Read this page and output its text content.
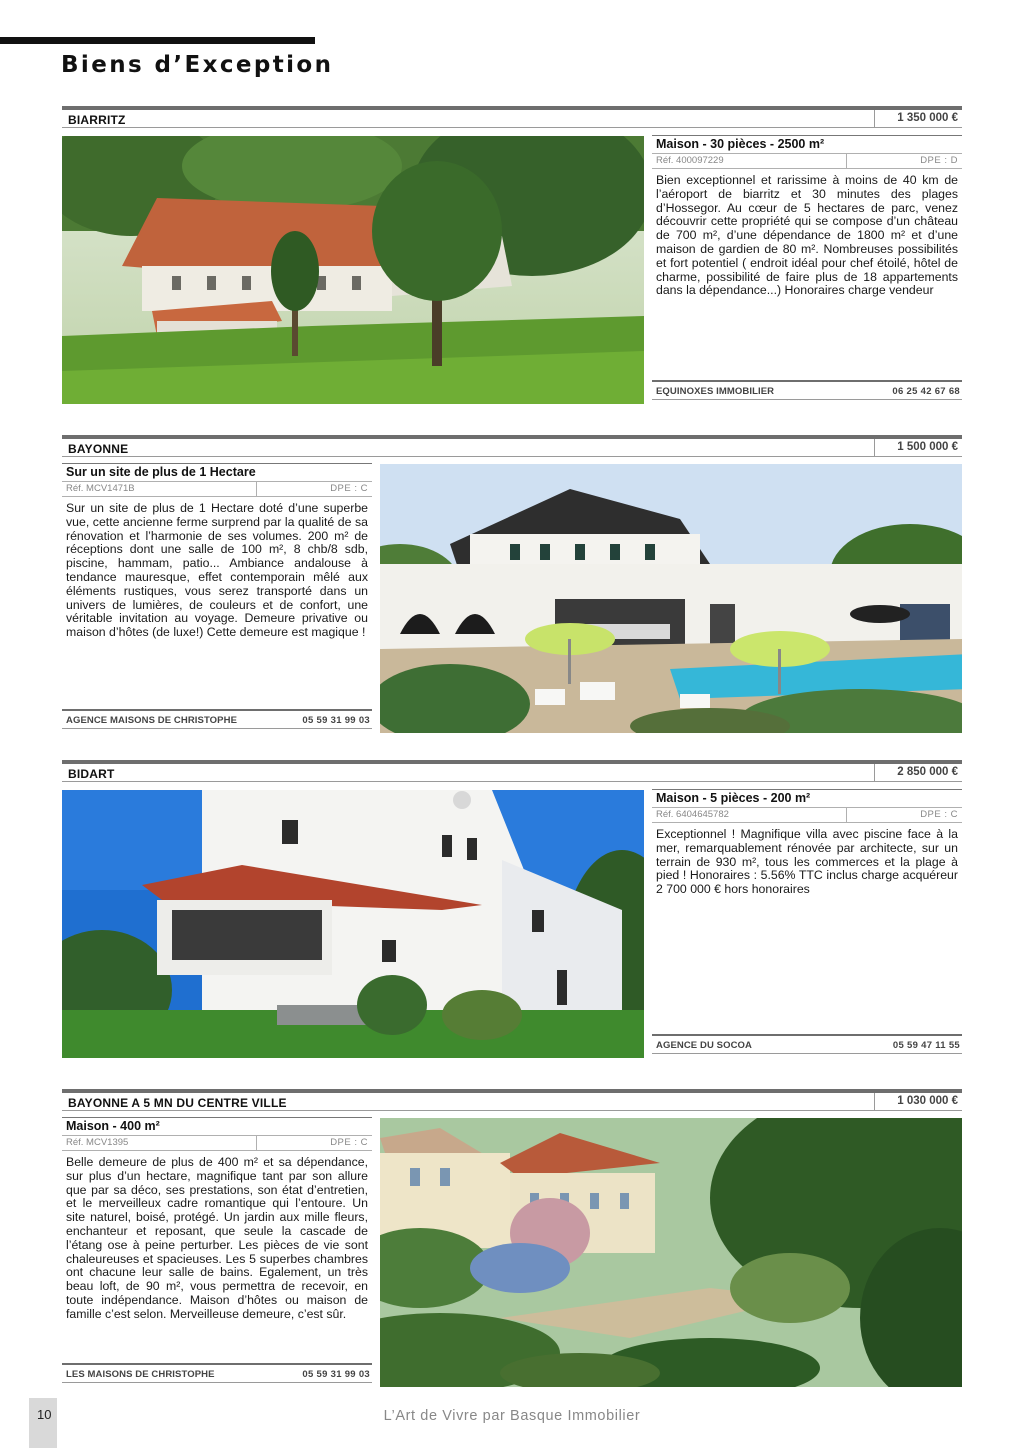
Biens d’Exception
BIARRITZ	1 350 000 €
Maison - 30 pièces - 2500 m²
Réf. 400097229	DPE : D

Bien exceptionnel et rarissime à moins de 40 km de l’aéroport de biarritz et 30 minutes des plages d’Hossegor. Au cœur de 5 hectares de parc, venez découvrir cette propriété qui se compose d’un château de 700 m², d’une dépendance de 1800 m² et d’une maison de gardien de 80 m². Nombreuses possibilités et fort potentiel ( endroit idéal pour chef étoilé, hôtel de charme, possibilité de faire plus de 18 appartements dans la dépendance...) Honoraires charge vendeur

EQUINOXES IMMOBILIER	06 25 42 67 68
BAYONNE	1 500 000 €
Sur un site de plus de 1 Hectare
Réf. MCV1471B	DPE : C

Sur un site de plus de 1 Hectare doté d’une superbe vue, cette ancienne ferme surprend par la qualité de sa rénovation et l’harmonie de ses volumes. 200 m² de réceptions dont une salle de 100 m², 8 chb/8 sdb, piscine, hammam, patio... Ambiance andalouse à tendance mauresque, effet contemporain mêlé aux éléments rustiques, vous serez transporté dans un univers de lumières, de couleurs et de confort, une véritable invitation au voyage. Demeure privative ou maison d’hôtes (de luxe!) Cette demeure est magique !

AGENCE MAISONS DE CHRISTOPHE	05 59 31 99 03
BIDART	2 850 000 €
Maison - 5 pièces - 200 m²
Réf. 6404645782	DPE : C

Exceptionnel ! Magnifique villa avec piscine face à la mer, remarquablement rénovée par architecte, sur un terrain de 930 m², tous les commerces et la plage à pied ! Honoraires : 5.56% TTC inclus charge acquéreur 2 700 000 € hors honoraires

AGENCE DU SOCOA	05 59 47 11 55
BAYONNE A 5 MN DU CENTRE VILLE	1 030 000 €
Maison - 400 m²
Réf. MCV1395	DPE : C

Belle demeure de plus de 400 m² et sa dépendance, sur plus d’un hectare, magnifique tant par son allure que par sa déco, ses prestations, son état d’entretien, et le merveilleux cadre romantique qui l’entoure. Un site naturel, boisé, protégé. Un jardin aux mille fleurs, enchanteur et reposant, que seule la cascade de l’étang ose à peine perturber. Les pièces de vie sont chaleureuses et spacieuses. Les 5 superbes chambres ont chacune leur salle de bains. Egalement, un très beau loft, de 90 m², vous permettra de recevoir, en toute indépendance. Maison d’hôtes ou maison de famille c’est selon. Merveilleuse demeure, c’est sûr.

LES MAISONS DE CHRISTOPHE	05 59 31 99 03
10	L’Art de Vivre par Basque Immobilier
